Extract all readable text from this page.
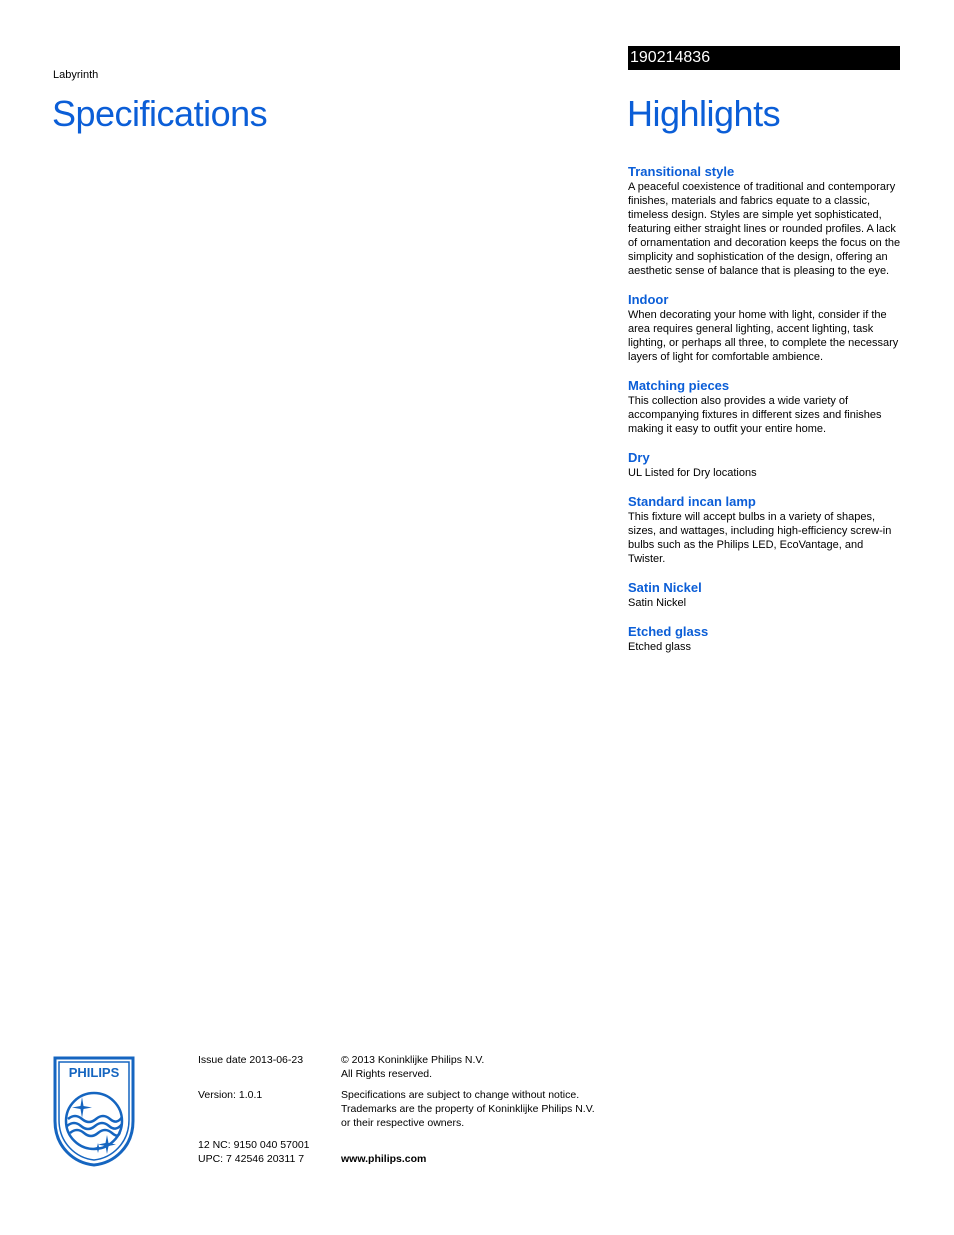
Labyrinth
Specifications
190214836
Highlights
Transitional style
A peaceful coexistence of traditional and contemporary finishes, materials and fabrics equate to a classic, timeless design. Styles are simple yet sophisticated, featuring either straight lines or rounded profiles. A lack of ornamentation and decoration keeps the focus on the simplicity and sophistication of the design, offering an aesthetic sense of balance that is pleasing to the eye.
Indoor
When decorating your home with light, consider if the area requires general lighting, accent lighting, task lighting, or perhaps all three, to complete the necessary layers of light for comfortable ambience.
Matching pieces
This collection also provides a wide variety of accompanying fixtures in different sizes and finishes making it easy to outfit your entire home.
Dry
UL Listed for Dry locations
Standard incan lamp
This fixture will accept bulbs in a variety of shapes, sizes, and wattages, including high-efficiency screw-in bulbs such as the Philips LED, EcoVantage, and Twister.
Satin Nickel
Satin Nickel
Etched glass
Etched glass
PHILIPS
Issue date 2013-06-23
Version: 1.0.1
12 NC: 9150 040 57001
UPC: 7 42546 20311 7
© 2013 Koninklijke Philips N.V.
All Rights reserved.
Specifications are subject to change without notice.
Trademarks are the property of Koninklijke Philips N.V.
or their respective owners.
www.philips.com
